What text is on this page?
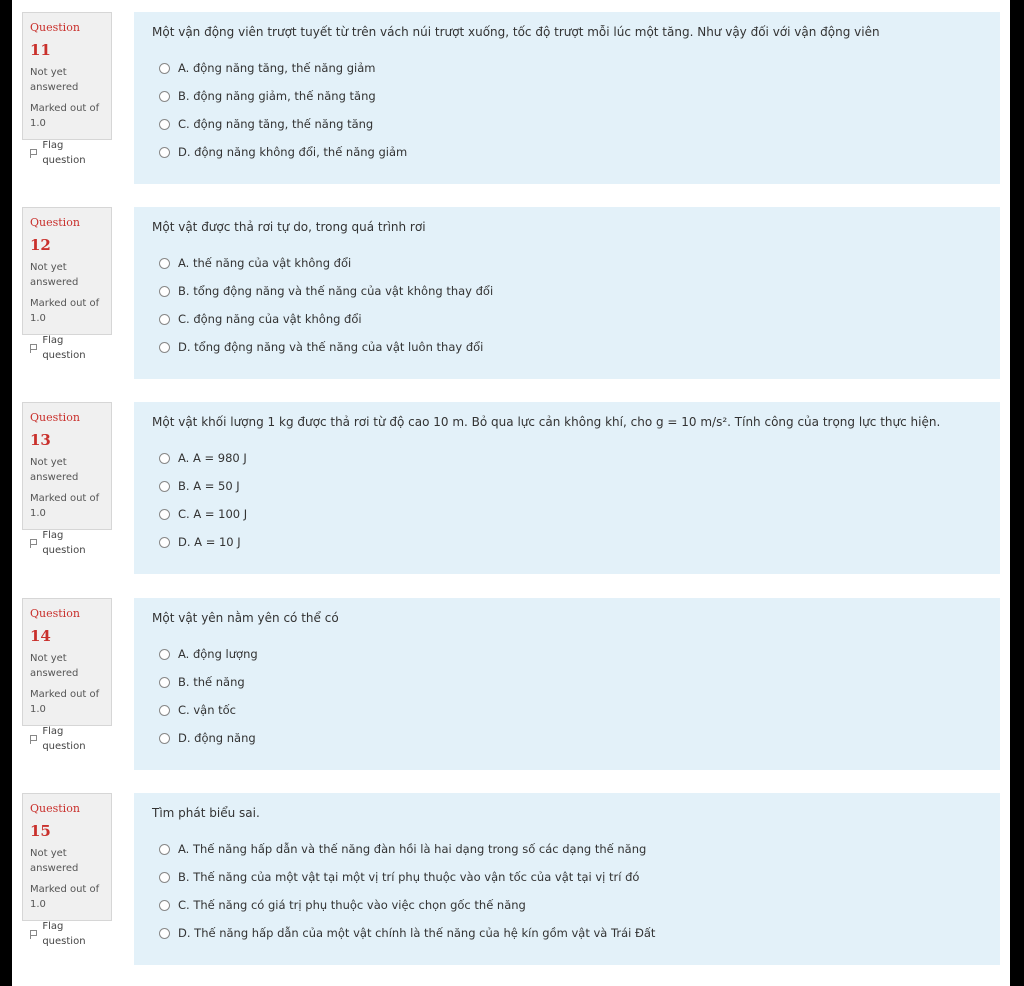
Question 11
Not yet answered
Marked out of
1.0
Flag question

Một vận động viên trượt tuyết từ trên vách núi trượt xuống, tốc độ trượt mỗi lúc một tăng. Như vậy đối với vận động viên

A. động năng tăng, thế năng giảm
B. động năng giảm, thế năng tăng
C. động năng tăng, thế năng tăng
D. động năng không đổi, thế năng giảm
Question 12
Not yet answered
Marked out of
1.0
Flag question

Một vật được thả rơi tự do, trong quá trình rơi

A. thế năng của vật không đổi
B. tổng động năng và thế năng của vật không thay đổi
C. động năng của vật không đổi
D. tổng động năng và thế năng của vật luôn thay đổi
Question 13
Not yet answered
Marked out of
1.0
Flag question

Một vật khối lượng 1 kg được thả rơi từ độ cao 10 m. Bỏ qua lực cản không khí, cho g = 10 m/s². Tính công của trọng lực thực hiện.

A. A = 980 J
B. A = 50 J
C. A = 100 J
D. A = 10 J
Question 14
Not yet answered
Marked out of
1.0
Flag question

Một vật yên nằm yên có thể có

A. động lượng
B. thế năng
C. vận tốc
D. động năng
Question 15
Not yet answered
Marked out of
1.0
Flag question

Tìm phát biểu sai.

A. Thế năng hấp dẫn và thế năng đàn hồi là hai dạng trong số các dạng thế năng
B. Thế năng của một vật tại một vị trí phụ thuộc vào vận tốc của vật tại vị trí đó
C. Thế năng có giá trị phụ thuộc vào việc chọn gốc thế năng
D. Thế năng hấp dẫn của một vật chính là thế năng của hệ kín gồm vật và Trái Đất
